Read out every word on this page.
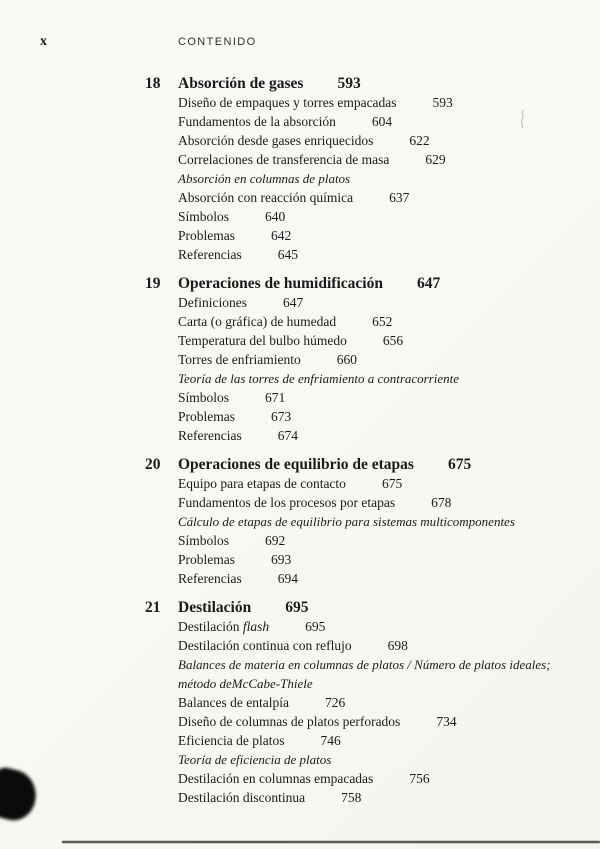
x	CONTENIDO
18 Absorción de gases 593
Diseño de empaques y torres empacadas	593
Fundamentos de la absorción	604
Absorción desde gases enriquecidos	622
Correlaciones de transferencia de masa	629
Absorción en columnas de platos
Absorción con reacción química	637
Símbolos	640
Problemas	642
Referencias	645
19 Operaciones de humidificación 647
Definiciones	647
Carta (o gráfica) de humedad	652
Temperatura del bulbo húmedo	656
Torres de enfriamiento	660
Teoría de las torres de enfriamiento a contracorriente
Símbolos	671
Problemas	673
Referencias	674
20 Operaciones de equilibrio de etapas 675
Equipo para etapas de contacto	675
Fundamentos de los procesos por etapas	678
Cálculo de etapas de equilibrio para sistemas multicomponentes
Símbolos	692
Problemas	693
Referencias	694
21 Destilación 695
Destilación flash	695
Destilación continua con reflujo	698
Balances de materia en columnas de platos / Número de platos ideales; método deMcCabe-Thiele
Balances de entalpía	726
Diseño de columnas de platos perforados	734
Eficiencia de platos	746
Teoría de eficiencia de platos
Destilación en columnas empacadas	756
Destilación discontinua	758
